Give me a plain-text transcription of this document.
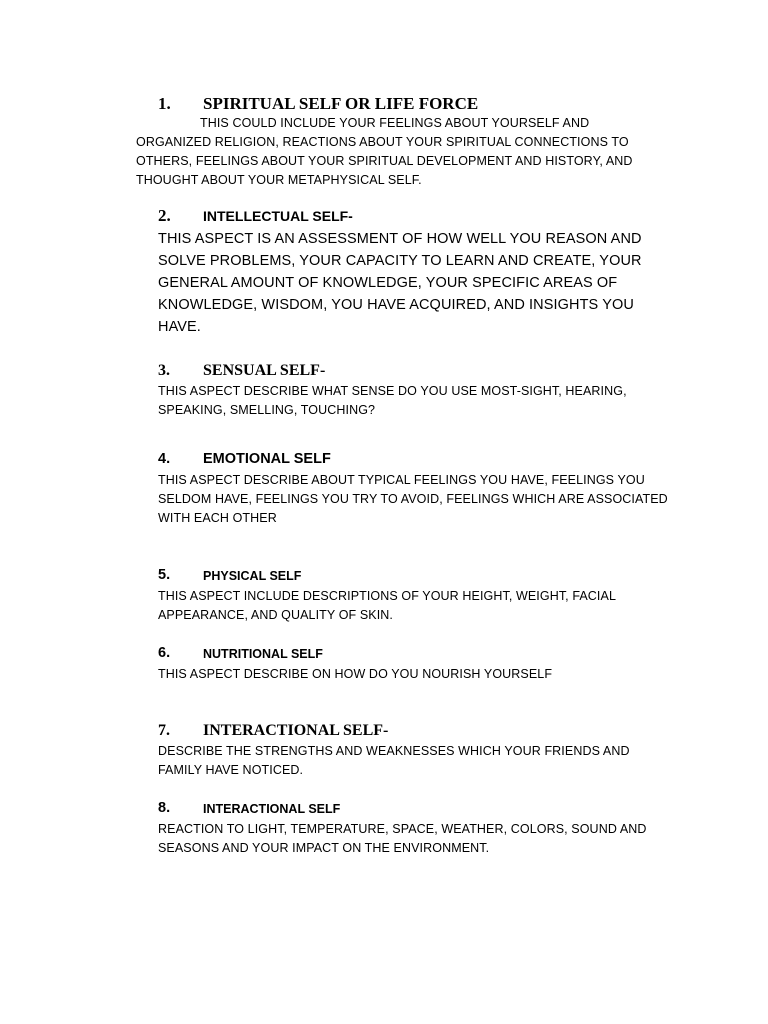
1. SPIRITUAL SELF OR LIFE FORCE
THIS COULD INCLUDE YOUR FEELINGS ABOUT YOURSELF AND ORGANIZED RELIGION, REACTIONS ABOUT YOUR SPIRITUAL CONNECTIONS TO OTHERS, FEELINGS ABOUT YOUR SPIRITUAL DEVELOPMENT AND HISTORY, AND THOUGHT ABOUT YOUR METAPHYSICAL SELF.
2. INTELLECTUAL SELF-
THIS ASPECT IS AN ASSESSMENT OF HOW WELL YOU REASON AND SOLVE PROBLEMS, YOUR CAPACITY TO LEARN AND CREATE, YOUR GENERAL AMOUNT OF KNOWLEDGE, YOUR SPECIFIC AREAS OF KNOWLEDGE, WISDOM, YOU HAVE ACQUIRED, AND INSIGHTS YOU HAVE.
3. SENSUAL SELF-
THIS ASPECT DESCRIBE WHAT SENSE DO YOU USE MOST-SIGHT, HEARING, SPEAKING, SMELLING, TOUCHING?
4. EMOTIONAL SELF
THIS ASPECT DESCRIBE ABOUT TYPICAL FEELINGS YOU HAVE, FEELINGS YOU SELDOM HAVE, FEELINGS YOU TRY TO AVOID, FEELINGS WHICH ARE ASSOCIATED WITH EACH OTHER
5.	PHYSICAL SELF
THIS ASPECT INCLUDE DESCRIPTIONS OF YOUR HEIGHT, WEIGHT, FACIAL APPEARANCE, AND QUALITY OF SKIN.
6.	NUTRITIONAL SELF
THIS ASPECT DESCRIBE ON HOW DO YOU NOURISH YOURSELF
7. INTERACTIONAL SELF-
DESCRIBE THE STRENGTHS AND WEAKNESSES WHICH YOUR FRIENDS AND FAMILY HAVE NOTICED.
8.	INTERACTIONAL SELF
REACTION TO LIGHT, TEMPERATURE, SPACE, WEATHER, COLORS, SOUND AND SEASONS AND YOUR IMPACT ON THE ENVIRONMENT.
